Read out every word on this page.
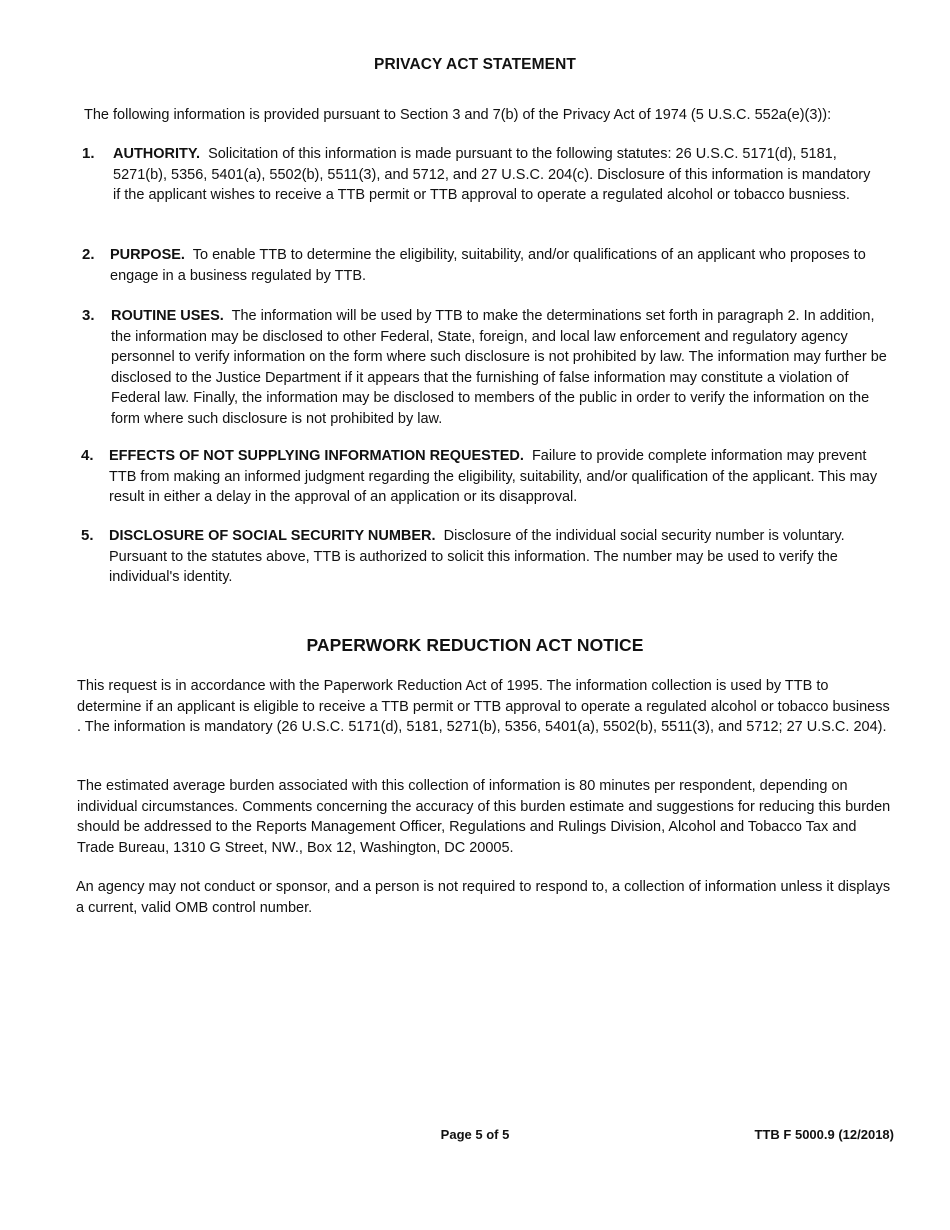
PRIVACY ACT STATEMENT
The following information is provided pursuant to Section 3 and 7(b) of the Privacy Act of 1974 (5 U.S.C. 552a(e)(3)):
1. AUTHORITY. Solicitation of this information is made pursuant to the following statutes: 26 U.S.C. 5171(d), 5181, 5271(b), 5356, 5401(a), 5502(b), 5511(3), and 5712, and 27 U.S.C. 204(c). Disclosure of this information is mandatory if the applicant wishes to receive a TTB permit or TTB approval to operate a regulated alcohol or tobacco busniess.
2. PURPOSE. To enable TTB to determine the eligibility, suitability, and/or qualifications of an applicant who proposes to engage in a business regulated by TTB.
3. ROUTINE USES. The information will be used by TTB to make the determinations set forth in paragraph 2. In addition, the information may be disclosed to other Federal, State, foreign, and local law enforcement and regulatory agency personnel to verify information on the form where such disclosure is not prohibited by law. The information may further be disclosed to the Justice Department if it appears that the furnishing of false information may constitute a violation of Federal law. Finally, the information may be disclosed to members of the public in order to verify the information on the form where such disclosure is not prohibited by law.
4. EFFECTS OF NOT SUPPLYING INFORMATION REQUESTED. Failure to provide complete information may prevent TTB from making an informed judgment regarding the eligibility, suitability, and/or qualification of the applicant. This may result in either a delay in the approval of an application or its disapproval.
5. DISCLOSURE OF SOCIAL SECURITY NUMBER. Disclosure of the individual social security number is voluntary. Pursuant to the statutes above, TTB is authorized to solicit this information. The number may be used to verify the individual's identity.
PAPERWORK REDUCTION ACT NOTICE
This request is in accordance with the Paperwork Reduction Act of 1995. The information collection is used by TTB to determine if an applicant is eligible to receive a TTB permit or TTB approval to operate a regulated alcohol or tobacco business . The information is mandatory (26 U.S.C. 5171(d), 5181, 5271(b), 5356, 5401(a), 5502(b), 5511(3), and 5712; 27 U.S.C. 204).
The estimated average burden associated with this collection of information is 80 minutes per respondent, depending on individual circumstances. Comments concerning the accuracy of this burden estimate and suggestions for reducing this burden should be addressed to the Reports Management Officer, Regulations and Rulings Division, Alcohol and Tobacco Tax and Trade Bureau, 1310 G Street, NW., Box 12, Washington, DC 20005.
An agency may not conduct or sponsor, and a person is not required to respond to, a collection of information unless it displays a current, valid OMB control number.
Page 5 of 5	TTB F 5000.9 (12/2018)
